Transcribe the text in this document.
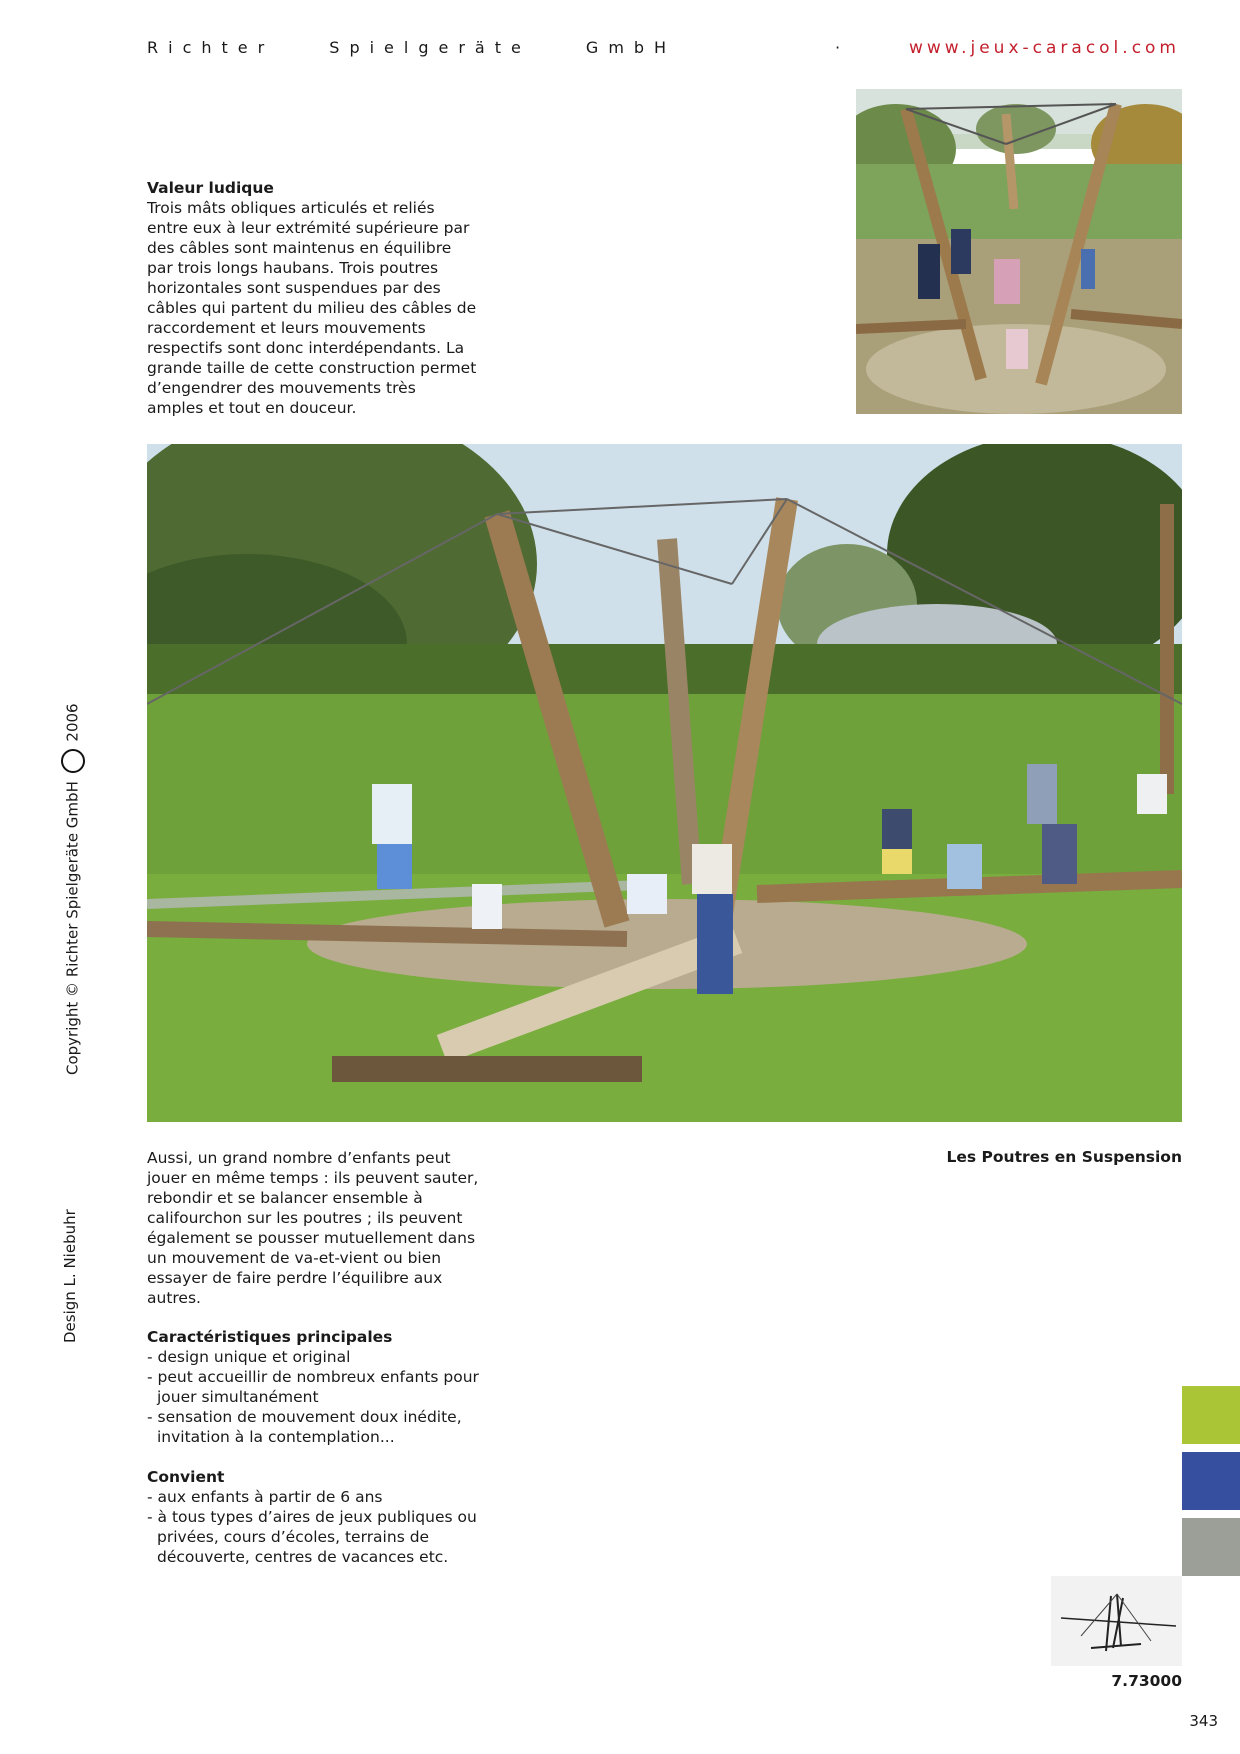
Richter Spielgeräte GmbH	·	www.jeux-caracol.com
Valeur ludique
Trois mâts obliques articulés et reliés entre eux à leur extrémité supérieure par des câbles sont maintenus en équilibre par trois longs haubans. Trois poutres horizontales sont suspendues par des câbles qui partent du milieu des câbles de raccordement et leurs mouvements respectifs sont donc interdépendants. La grande taille de cette construction permet d’engendrer des mouvements très amples et tout en douceur.
Aussi, un grand nombre d’enfants peut jouer en même temps : ils peuvent sauter, rebondir et se balancer ensemble à califourchon sur les poutres ; ils peuvent également se pousser mutuellement dans un mouvement de va-et-vient ou bien essayer de faire perdre l’équilibre aux autres.
Les Poutres en Suspension
Caractéristiques principales
- design unique et original
- peut accueillir de nombreux enfants pour jouer simultanément
- sensation de mouvement doux inédite, invitation à la contemplation...
Convient
- aux enfants à partir de 6 ans
- à tous types d’aires de jeux publiques ou privées, cours d’écoles, terrains de découverte, centres de vacances etc.
Copyright © Richter Spielgeräte GmbH  2006
Design L. Niebuhr
7.73000
343
